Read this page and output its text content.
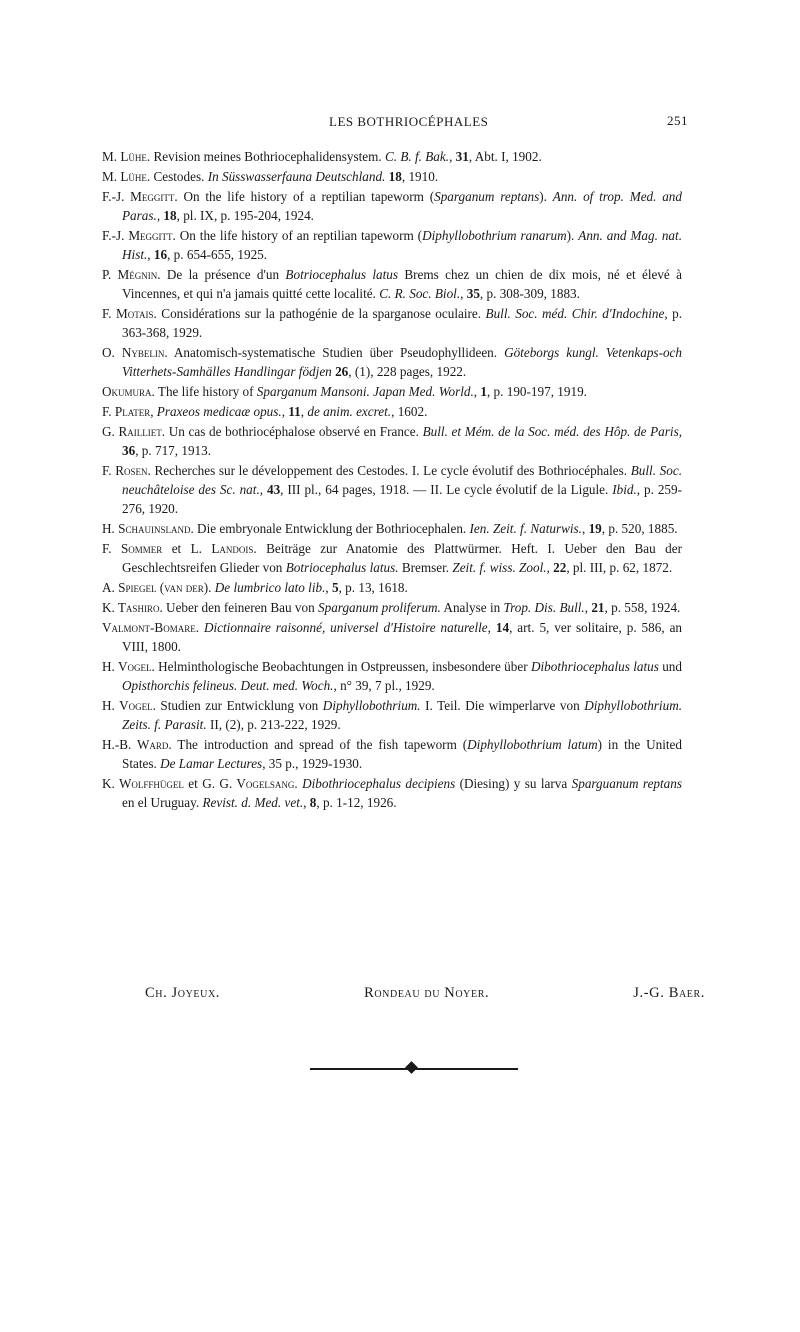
LES BOTHRIOCÉPHALES	251

M. Lühe. Revision meines Bothriocephalidensystem. C. B. f. Bak., 31, Abt. I, 1902.

M. Lühe. Cestodes. In Süsswasserfauna Deutschland. 18, 1910.

F.-J. Meggitt. On the life history of a reptilian tapeworm (Sparganum reptans). Ann. of trop. Med. and Paras., 18, pl. IX, p. 195-204, 1924.

F.-J. Meggitt. On the life history of an reptilian tapeworm (Diphyllobothrium ranarum). Ann. and Mag. nat. Hist., 16, p. 654-655, 1925.

P. Mégnin. De la présence d'un Botriocephalus latus Brems chez un chien de dix mois, né et élevé à Vincennes, et qui n'a jamais quitté cette localité. C. R. Soc. Biol., 35, p. 308-309, 1883.

F. Motais. Considérations sur la pathogénie de la sparganose oculaire. Bull. Soc. méd. Chir. d'Indochine, p. 363-368, 1929.

O. Nybelin. Anatomisch-systematische Studien über Pseudophyllideen. Göteborgs kungl. Vetenkaps-och Vitterhets-Samhälles Handlingar födjen 26, (1), 228 pages, 1922.

Okumura. The life history of Sparganum Mansoni. Japan Med. World., 1, p. 190-197, 1919.

F. Plater, Praxeos medicaæ opus., 11, de anim. excret., 1602.

G. Railliet. Un cas de bothriocéphalose observé en France. Bull. et Mém. de la Soc. méd. des Hôp. de Paris, 36, p. 717, 1913.

F. Rosen. Recherches sur le développement des Cestodes. I. Le cycle évolutif des Bothriocéphales. Bull. Soc. neuchâteloise des Sc. nat., 43, III pl., 64 pages, 1918. — II. Le cycle évolutif de la Ligule. Ibid., p. 259-276, 1920.

H. Schauinsland. Die embryonale Entwicklung der Bothriocephalen. Ien. Zeit. f. Naturwis., 19, p. 520, 1885.

F. Sommer et L. Landois. Beiträge zur Anatomie des Plattwürmer. Heft. I. Ueber den Bau der Geschlechtsreifen Glieder von Botriocephalus latus. Bremser. Zeit. f. wiss. Zool., 22, pl. III, p. 62, 1872.

A. Spiegel (van der). De lumbrico lato lib., 5, p. 13, 1618.

K. Tashiro. Ueber den feineren Bau von Sparganum proliferum. Analyse in Trop. Dis. Bull., 21, p. 558, 1924.

Valmont-Bomare. Dictionnaire raisonné, universel d'Histoire naturelle, 14, art. 5, ver solitaire, p. 586, an VIII, 1800.

H. Vogel. Helminthologische Beobachtungen in Ostpreussen, insbesondere über Dibothriocephalus latus und Opisthorchis felineus. Deut. med. Woch., n° 39, 7 pl., 1929.

H. Vogel. Studien zur Entwicklung von Diphyllobothrium. I. Teil. Die wimperlarve von Diphyllobothrium. Zeits. f. Parasit. II, (2), p. 213-222, 1929.

H.-B. Ward. The introduction and spread of the fish tapeworm (Diphyllobothrium latum) in the United States. De Lamar Lectures, 35 p., 1929-1930.

K. Wolffhügel et G. G. Vogelsang. Dibothriocephalus decipiens (Diesing) y su larva Sparguanum reptans en el Uruguay. Revist. d. Med. vet., 8, p. 1-12, 1926.

Ch. Joyeux.	Rondeau du Noyer.	J.-G. Baer.
